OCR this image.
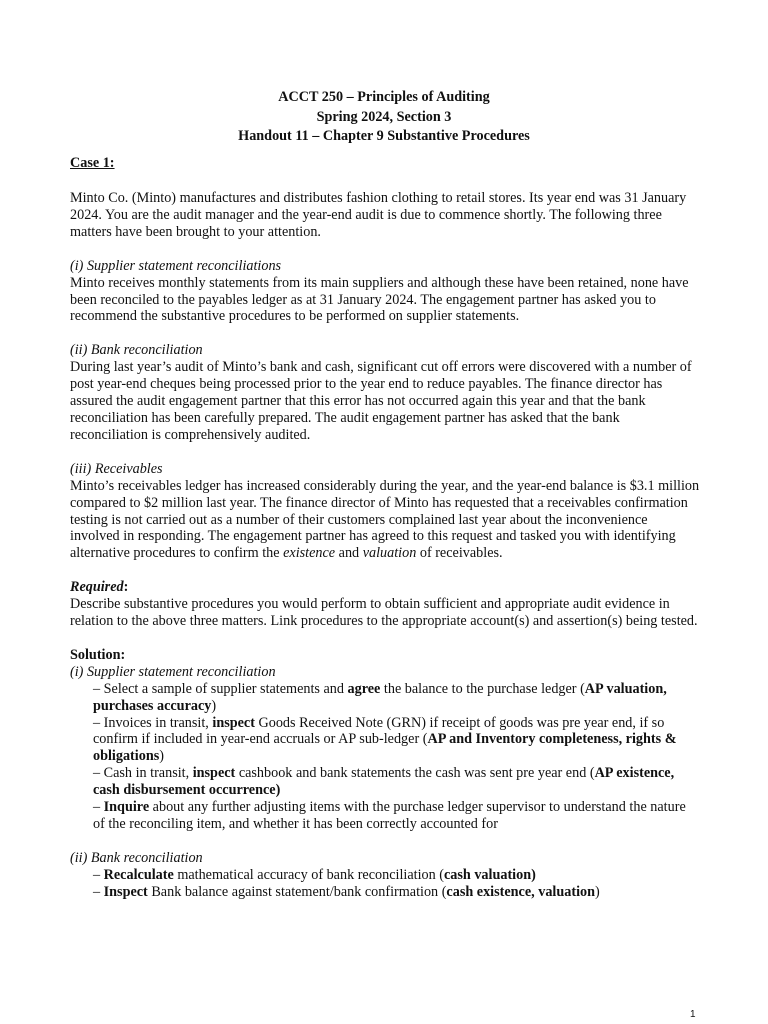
ACCT 250 – Principles of Auditing
Spring 2024, Section 3
Handout 11 – Chapter 9 Substantive Procedures
Case 1:

Minto Co. (Minto) manufactures and distributes fashion clothing to retail stores. Its year end was 31 January 2024. You are the audit manager and the year-end audit is due to commence shortly. The following three matters have been brought to your attention.

(i) Supplier statement reconciliations

Minto receives monthly statements from its main suppliers and although these have been retained, none have been reconciled to the payables ledger as at 31 January 2024. The engagement partner has asked you to recommend the substantive procedures to be performed on supplier statements.

(ii) Bank reconciliation

During last year’s audit of Minto’s bank and cash, significant cut off errors were discovered with a number of post year-end cheques being processed prior to the year end to reduce payables. The finance director has assured the audit engagement partner that this error has not occurred again this year and that the bank reconciliation has been carefully prepared. The audit engagement partner has asked that the bank reconciliation is comprehensively audited.

(iii) Receivables

Minto’s receivables ledger has increased considerably during the year, and the year-end balance is $3.1 million compared to $2 million last year. The finance director of Minto has requested that a receivables confirmation testing is not carried out as a number of their customers complained last year about the inconvenience involved in responding. The engagement partner has agreed to this request and tasked you with identifying alternative procedures to confirm the existence and valuation of receivables.

Required:

Describe substantive procedures you would perform to obtain sufficient and appropriate audit evidence in relation to the above three matters. Link procedures to the appropriate account(s) and assertion(s) being tested.

Solution:
(i) Supplier statement reconciliation
– Select a sample of supplier statements and agree the balance to the purchase ledger (AP valuation, purchases accuracy)
– Invoices in transit, inspect Goods Received Note (GRN) if receipt of goods was pre year end, if so confirm if included in year-end accruals or AP sub-ledger (AP and Inventory completeness, rights & obligations)
– Cash in transit, inspect cashbook and bank statements the cash was sent pre year end (AP existence, cash disbursement occurrence)
– Inquire about any further adjusting items with the purchase ledger supervisor to understand the nature of the reconciling item, and whether it has been correctly accounted for
(ii) Bank reconciliation
– Recalculate mathematical accuracy of bank reconciliation (cash valuation)
– Inspect Bank balance against statement/bank confirmation (cash existence, valuation)
1
